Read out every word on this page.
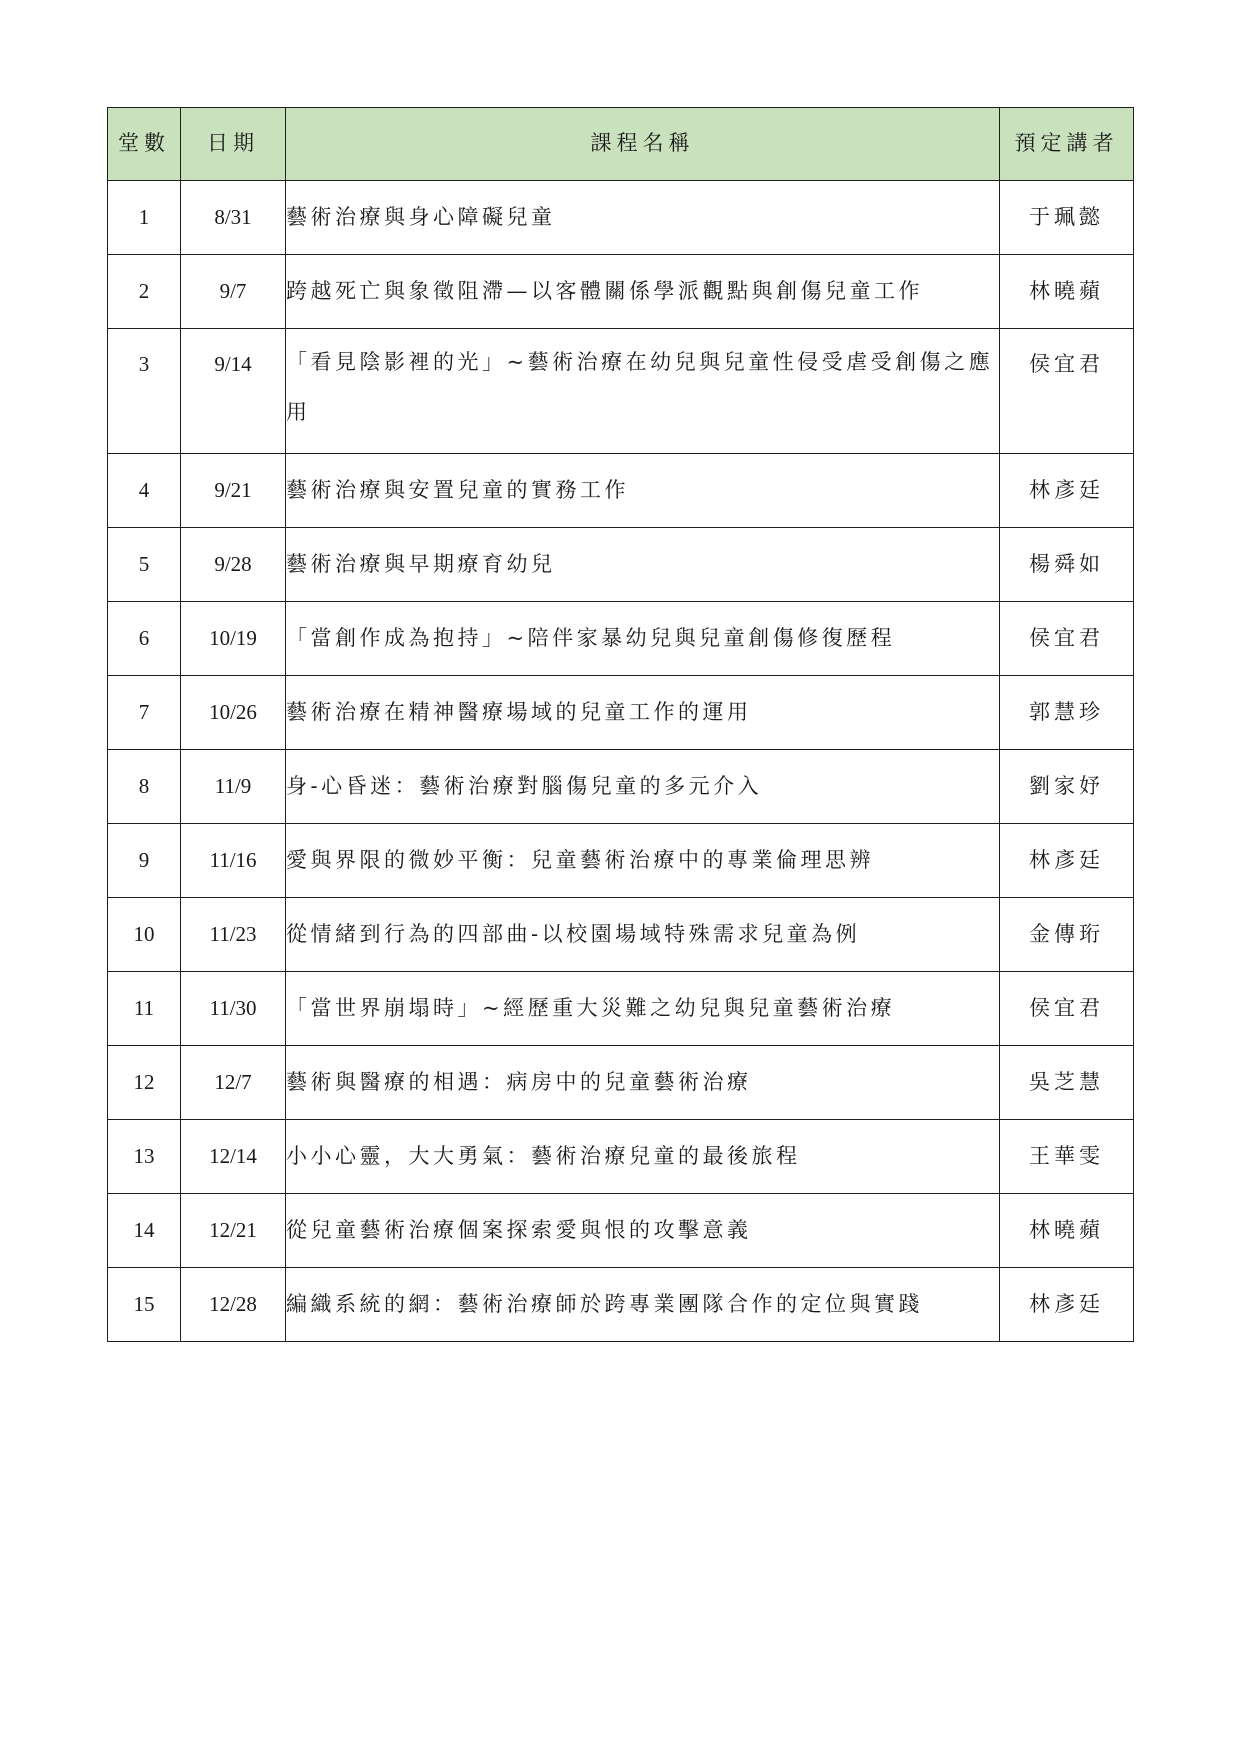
堂數	日期	課程名稱	預定講者
1	8/31	藝術治療與身心障礙兒童	于珮懿
2	9/7	跨越死亡與象徵阻滯—以客體關係學派觀點與創傷兒童工作	林曉蘋
3	9/14	「看見陰影裡的光」~藝術治療在幼兒與兒童性侵受虐受創傷之應用	侯宜君
4	9/21	藝術治療與安置兒童的實務工作	林彥廷
5	9/28	藝術治療與早期療育幼兒	楊舜如
6	10/19	「當創作成為抱持」~陪伴家暴幼兒與兒童創傷修復歷程	侯宜君
7	10/26	藝術治療在精神醫療場域的兒童工作的運用	郭慧珍
8	11/9	身-心昏迷：藝術治療對腦傷兒童的多元介入	劉家妤
9	11/16	愛與界限的微妙平衡：兒童藝術治療中的專業倫理思辨	林彥廷
10	11/23	從情緒到行為的四部曲-以校園場域特殊需求兒童為例	金傳珩
11	11/30	「當世界崩塌時」~經歷重大災難之幼兒與兒童藝術治療	侯宜君
12	12/7	藝術與醫療的相遇：病房中的兒童藝術治療	吳芝慧
13	12/14	小小心靈，大大勇氣：藝術治療兒童的最後旅程	王華雯
14	12/21	從兒童藝術治療個案探索愛與恨的攻擊意義	林曉蘋
15	12/28	編織系統的網：藝術治療師於跨專業團隊合作的定位與實踐	林彥廷
